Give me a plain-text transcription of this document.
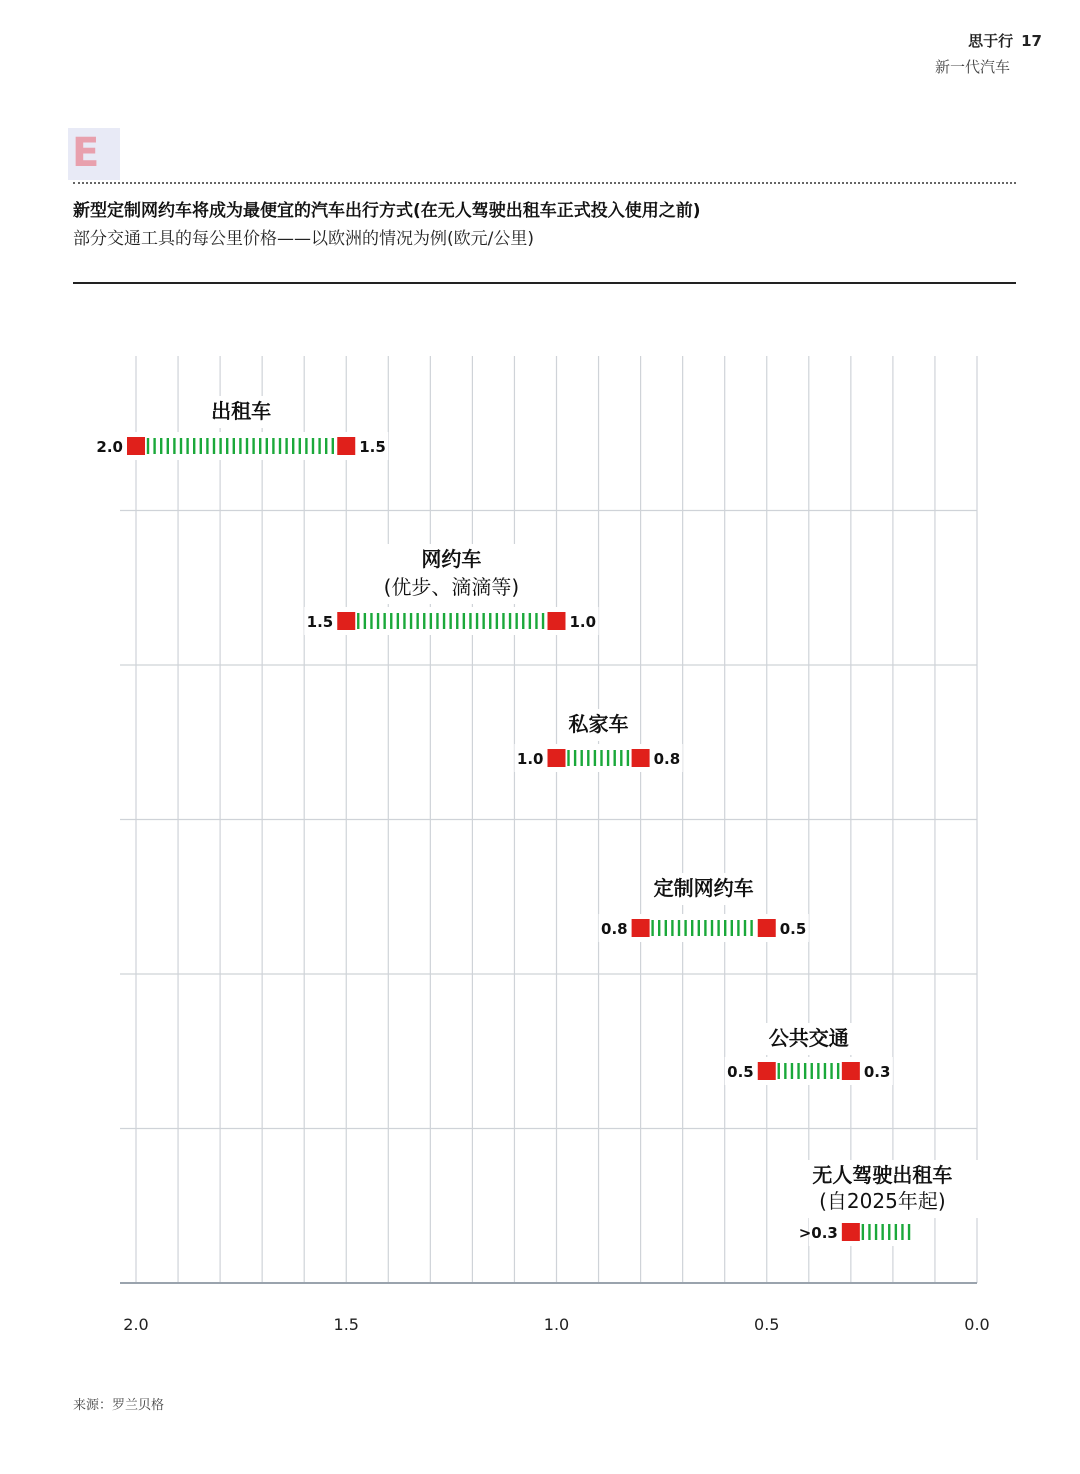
思于行 17
新一代汽车
E
新型定制网约车将成为最便宜的汽车出行方式(在无人驾驶出租车正式投入使用之前)
部分交通工具的每公里价格——以欧洲的情况为例(欧元/公里)
2.0	1.5	1.0	0.5	0.0
出租车
2.0	1.5
网约车
(优步、滴滴等)
1.5	1.0
私家车
1.0	0.8
定制网约车
0.8	0.5
公共交通
0.5	0.3
无人驾驶出租车
(自2025年起)
>0.3
来源：罗兰贝格
